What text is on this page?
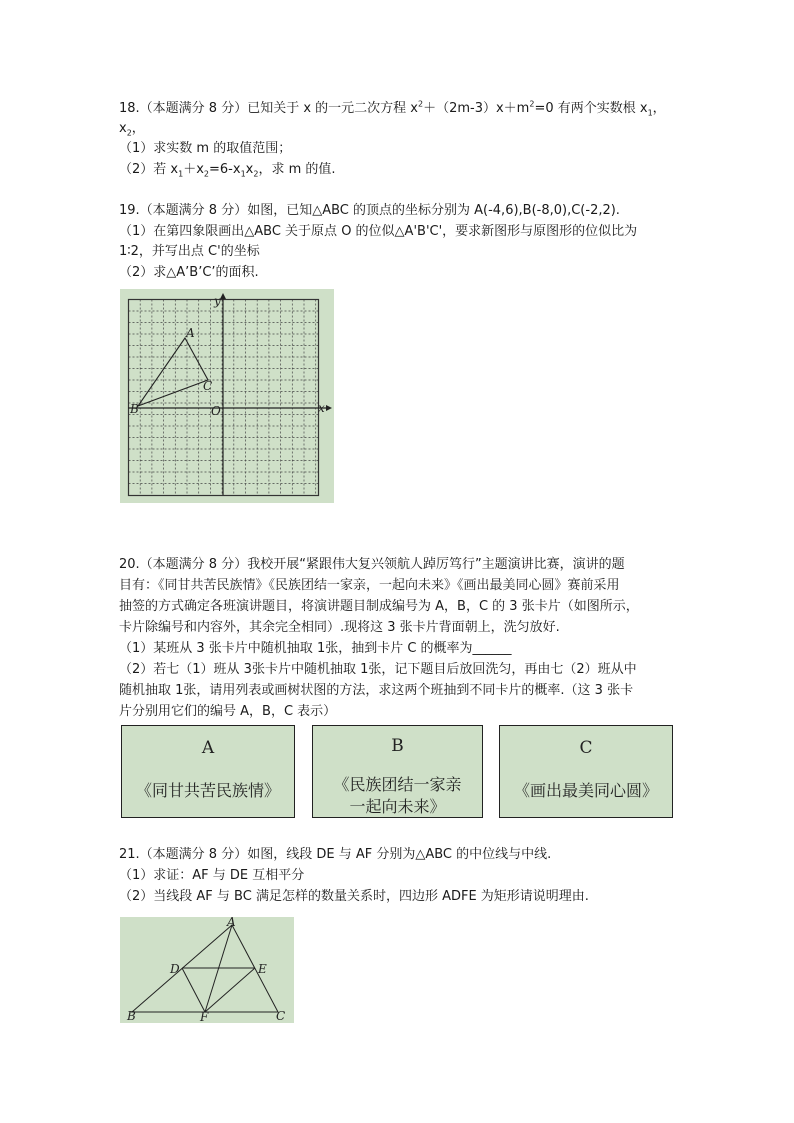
18.（本题满分 8 分）已知关于 x 的一元二次方程 $x^2+(2m-3)x+m^2=0$ 有两个实数根 $x_1$，
$x_2$，
（1）求实数 m 的取值范围；
（2）若 $x_1+x_2=6-x_1x_2$，求 m 的值.
19.（本题满分 8 分）如图，已知△ABC 的顶点的坐标分别为 A(-4,6),B(-8,0),C(-2,2).
（1）在第四象限画出△ABC 关于原点 O 的位似△A'B'C'，要求新图形与原图形的位似比为
1∶2，并写出点 C'的坐标
（2）求△A’B’C’的面积.
y
x
O
A
B
C
20.（本题满分 8 分）我校开展“紧跟伟大复兴领航人踔厉笃行”主题演讲比赛，演讲的题
目有：《同甘共苦民族情》《民族团结一家亲，一起向未来》《画出最美同心圆》赛前采用
抽签的方式确定各班演讲题目，将演讲题目制成编号为 A，B，C 的 3 张卡片（如图所示，
卡片除编号和内容外，其余完全相同）.现将这 3 张卡片背面朝上，洗匀放好.
（1）某班从 3 张卡片中随机抽取 1张，抽到卡片 C 的概率为______
（2）若七（1）班从 3张卡片中随机抽取 1张，记下题目后放回洗匀，再由七（2）班从中
随机抽取 1张，请用列表或画树状图的方法，求这两个班抽到不同卡片的概率.（这 3 张卡
片分别用它们的编号 A，B，C 表示）
A
《同甘共苦民族情》
B
《民族团结一家亲
一起向未来》
C
《画出最美同心圆》
21.（本题满分 8 分）如图，线段 DE 与 AF 分别为△ABC 的中位线与中线.
（1）求证：AF 与 DE 互相平分
（2）当线段 AF 与 BC 满足怎样的数量关系时，四边形 ADFE 为矩形请说明理由.
A
B	C
D	E
F
